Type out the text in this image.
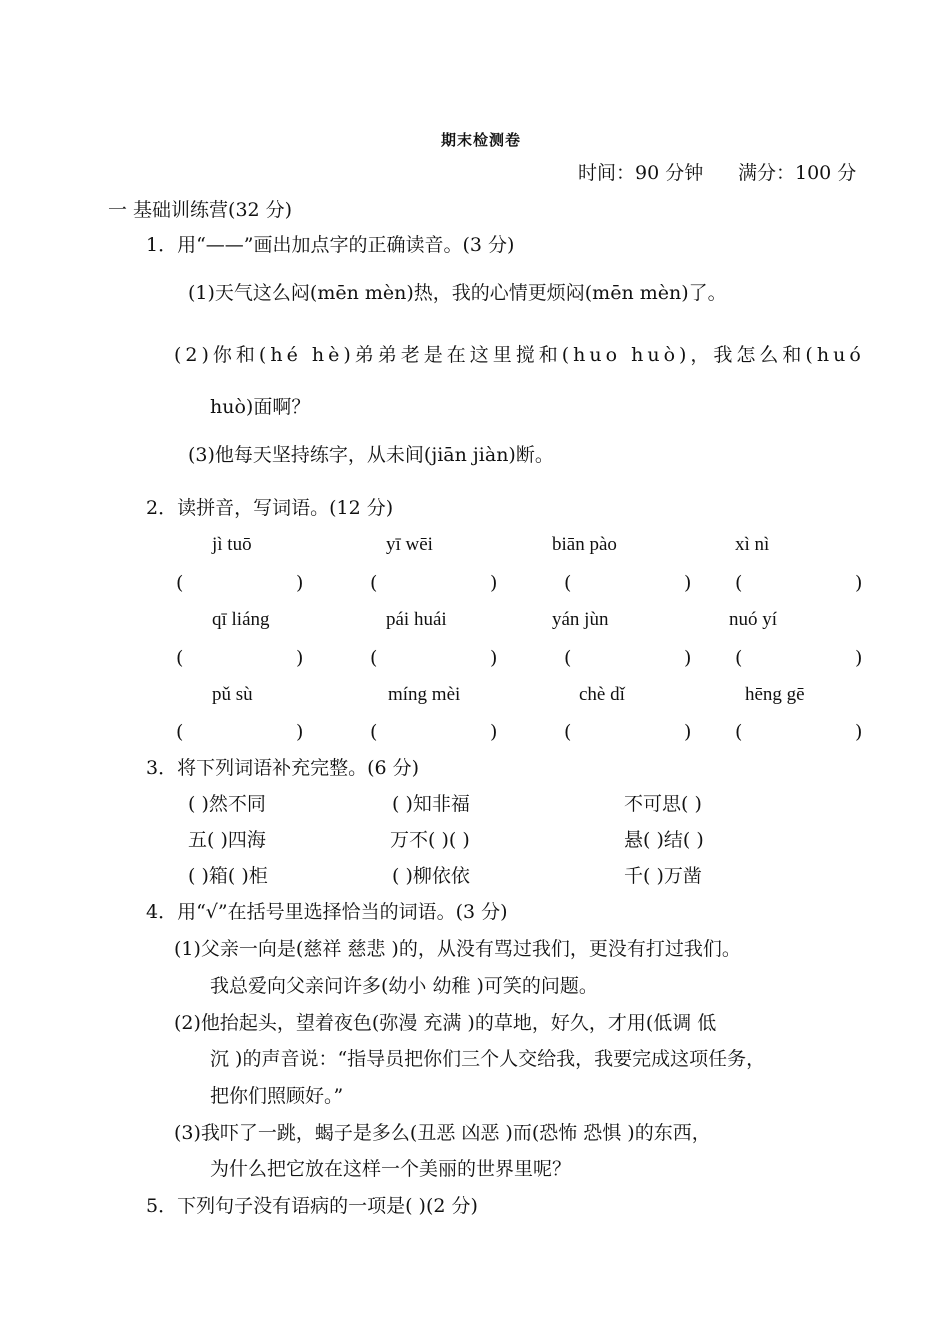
期末检测卷
时间：90 分钟 满分：100 分
一 基础训练营(32 分)
1．用“——”画出加点字的正确读音。(3 分)
(1)天气这么闷(mēn mèn)热，我的心情更烦闷(mēn mèn)了。
(2)你和(hé hè)弟弟老是在这里搅和(huo huò)，我怎么和(huó
huò)面啊？
(3)他每天坚持练字，从未间(jiān jiàn)断。
2．读拼音，写词语。(12 分)
jì tuō	yī wēi	biān pào	xì nì
(	)	(	)	(	) (	)
qī liáng	pái huái	yán jùn	nuó yí
(	)	(	)	(	) (	)
pǔ sù	míng mèi	chè dǐ	hēng gē
(	)	(	)	(	) (	)
3．将下列词语补充完整。(6 分)
( )然不同	( )知非福	不可思( )
五( )四海	万不( )( )	悬( )结( )
( )箱( )柜	( )柳依依	千( )万凿
4．用“√”在括号里选择恰当的词语。(3 分)
(1)父亲一向是(慈祥 慈悲 )的，从没有骂过我们，更没有打过我们。
我总爱向父亲问许多(幼小 幼稚 )可笑的问题。
(2)他抬起头，望着夜色(弥漫 充满 )的草地，好久，才用(低调 低
沉 )的声音说：“指导员把你们三个人交给我，我要完成这项任务，
把你们照顾好。”
(3)我吓了一跳，蝎子是多么(丑恶 凶恶 )而(恐怖 恐惧 )的东西，
为什么把它放在这样一个美丽的世界里呢？
5．下列句子没有语病的一项是( )(2 分)
